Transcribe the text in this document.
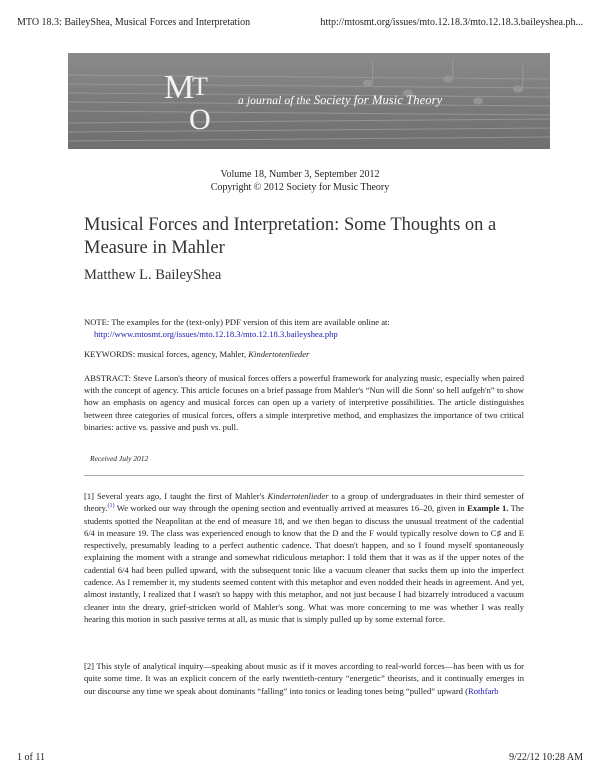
MTO 18.3: BaileyShea, Musical Forces and Interpretation	http://mtosmt.org/issues/mto.12.18.3/mto.12.18.3.baileyshea.ph...
M
T
O
a journal of the Society for Music Theory
Volume 18, Number 3, September 2012
Copyright © 2012 Society for Music Theory
Musical Forces and Interpretation: Some Thoughts on a Measure in Mahler
Matthew L. BaileyShea
NOTE: The examples for the (text-only) PDF version of this item are available online at:
http://www.mtosmt.org/issues/mto.12.18.3/mto.12.18.3.baileyshea.php
KEYWORDS: musical forces, agency, Mahler, Kindertotenlieder
ABSTRACT: Steve Larson's theory of musical forces offers a powerful framework for analyzing music, especially when paired with the concept of agency. This article focuses on a brief passage from Mahler's “Nun will die Sonn' so hell aufgeh'n” to show how an emphasis on agency and musical forces can open up a variety of interpretive possibilities. The article distinguishes between three categories of musical forces, offers a simple interpretive method, and emphasizes the importance of two critical binaries: active vs. passive and push vs. pull.
Received July 2012
[1] Several years ago, I taught the first of Mahler's Kindertotenlieder to a group of undergraduates in their third semester of theory.$^{(1)}$ We worked our way through the opening section and eventually arrived at measures 16–20, given in Example 1. The students spotted the Neapolitan at the end of measure 18, and we then began to discuss the unusual treatment of the cadential 6/4 in measure 19. The class was experienced enough to know that the D and the F would typically resolve down to C♯ and E respectively, presumably leading to a perfect authentic cadence. That doesn't happen, and so I found myself spontaneously explaining the moment with a strange and somewhat ridiculous metaphor: I told them that it was as if the upper notes of the cadential 6/4 had been pulled upward, with the subsequent tonic like a vacuum cleaner that sucks them up into the imperfect cadence. As I remember it, my students seemed content with this metaphor and even nodded their heads in agreement. And yet, almost instantly, I realized that I wasn't so happy with this metaphor, and not just because I had bizarrely introduced a vacuum cleaner into the dreary, grief-stricken world of Mahler's song. What was more concerning to me was whether I was really hearing this motion in such passive terms at all, as music that is simply pulled up by some external force.
[2] This style of analytical inquiry—speaking about music as if it moves according to real-world forces—has been with us for quite some time. It was an explicit concern of the early twentieth-century “energetic” theorists, and it continually emerges in our discourse any time we speak about dominants “falling” into tonics or leading tones being “pulled” upward (Rothfarb
1 of 11	9/22/12 10:28 AM
